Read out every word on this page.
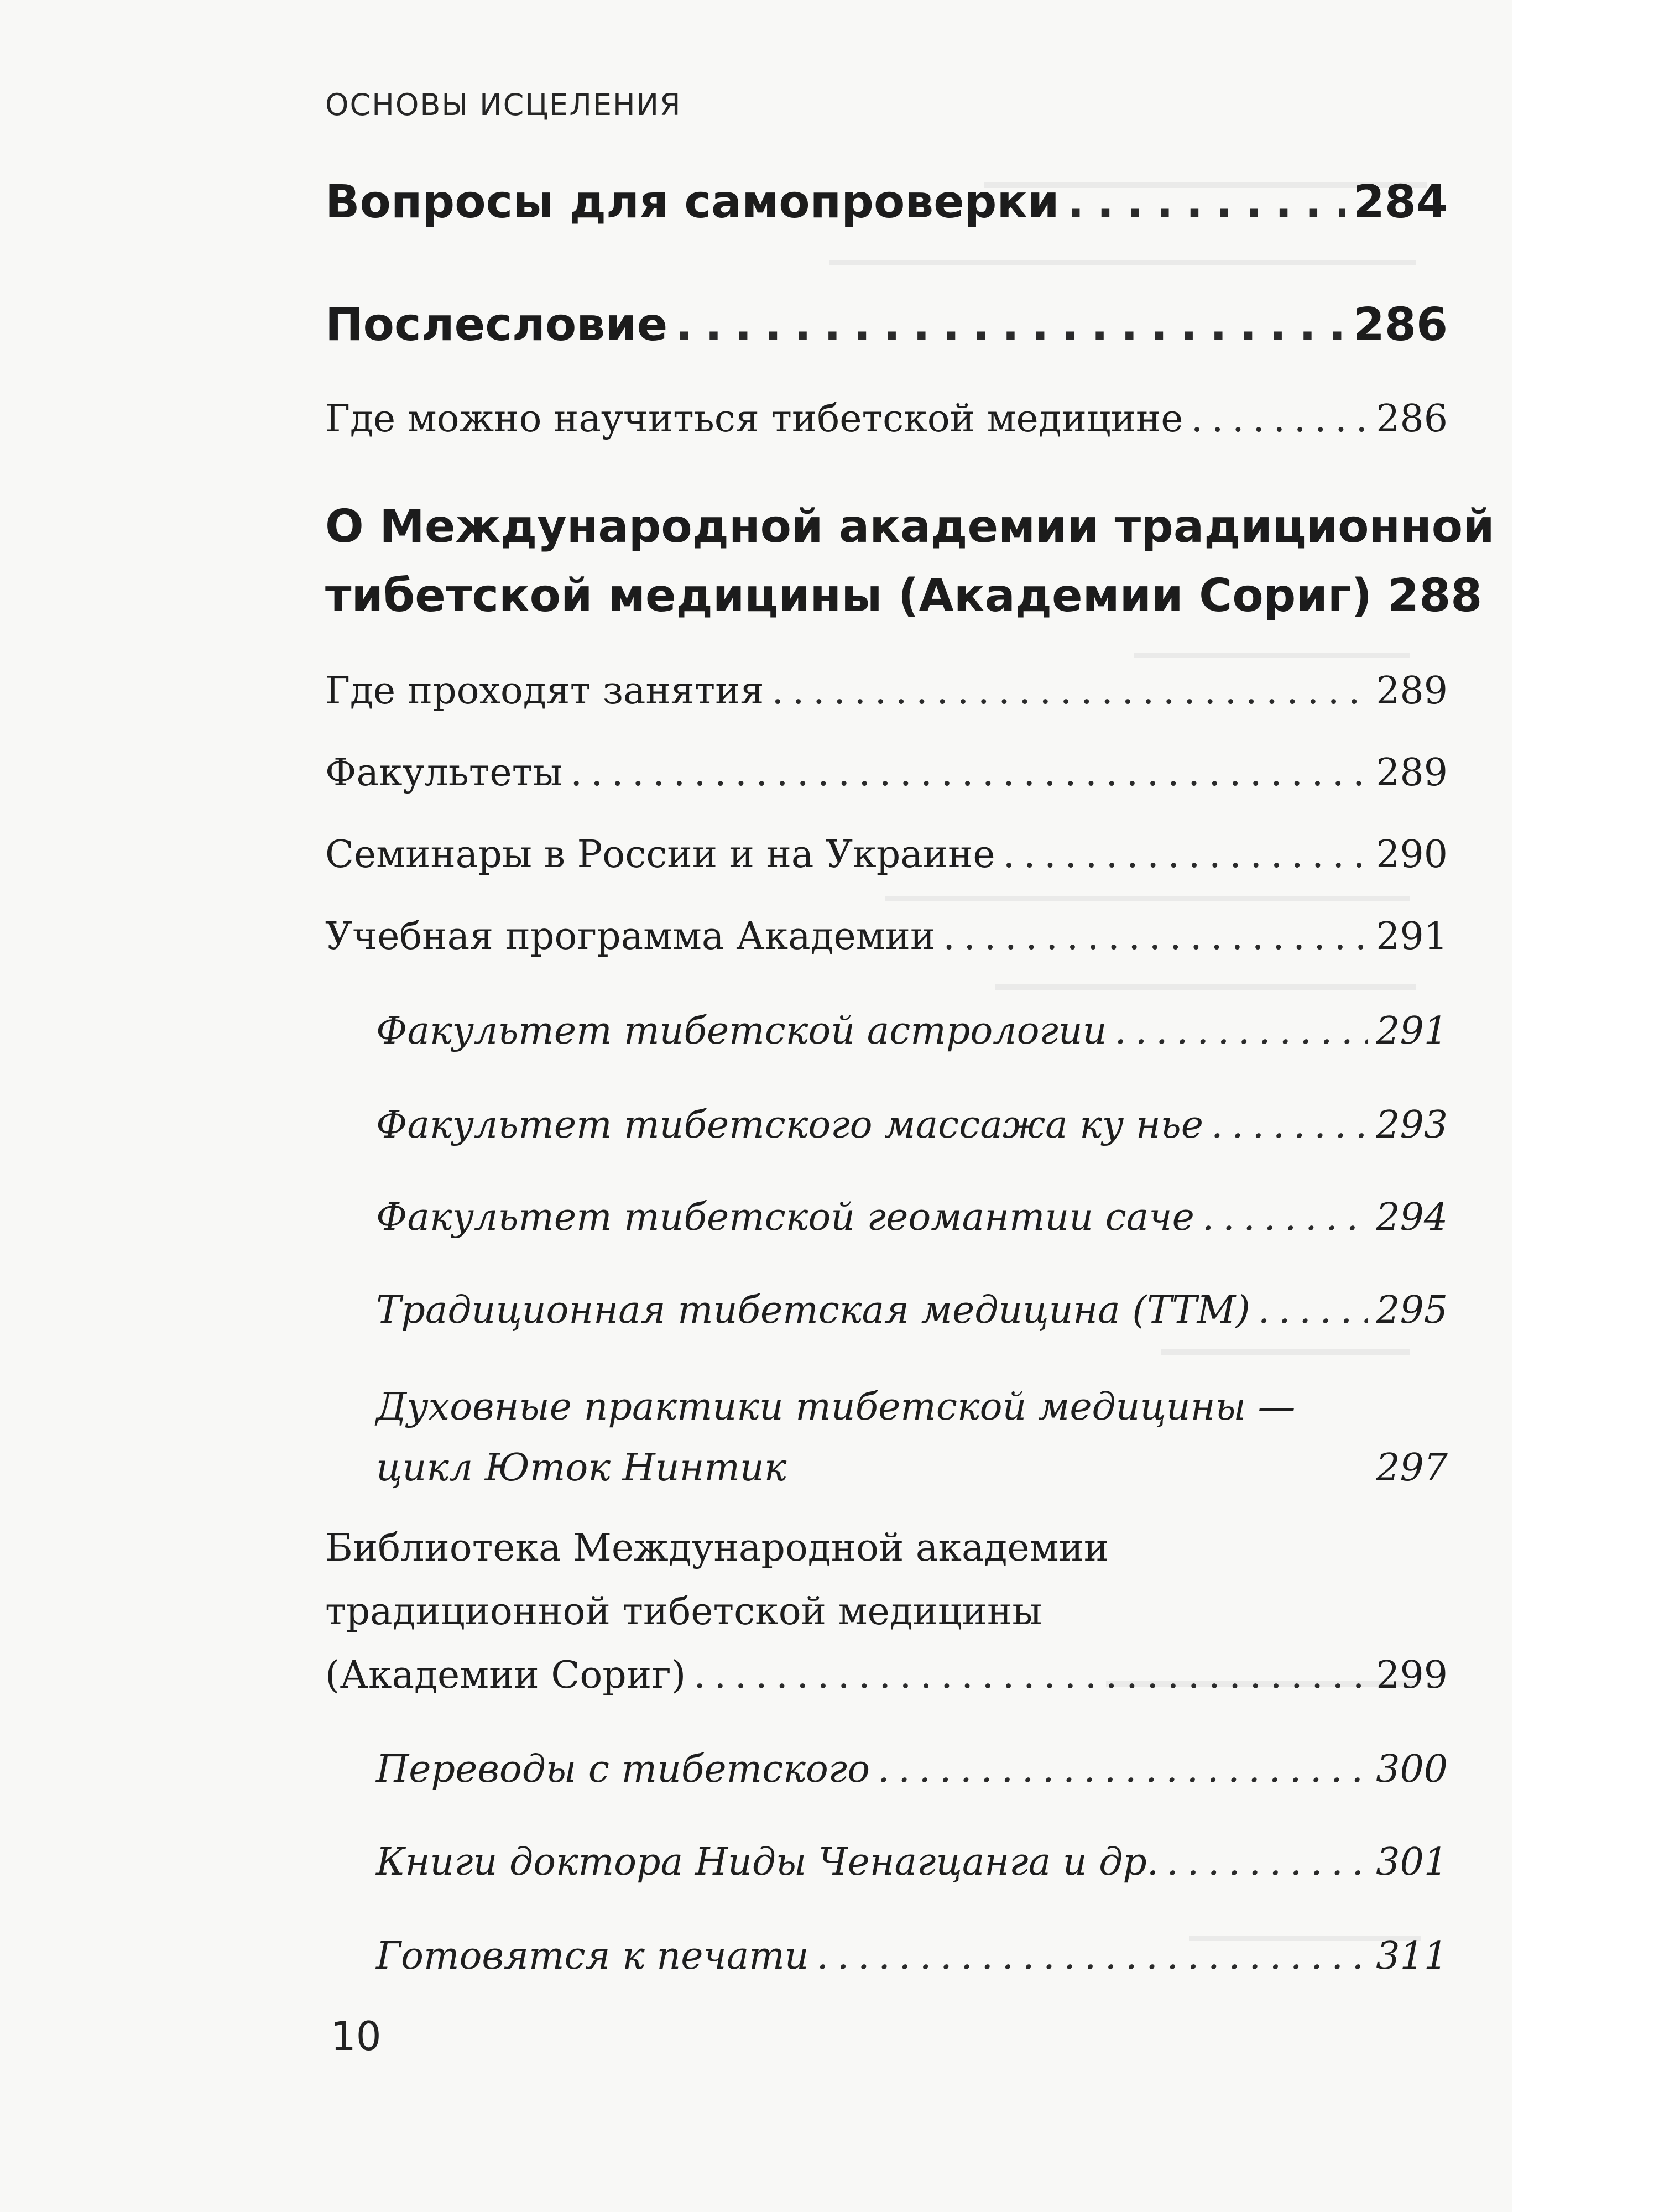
ОСНОВЫ ИСЦЕЛЕНИЯ
Вопросы для самопроверки . . .	284
Послесловие . . .	286
Где можно научиться тибетской медицине . . .	286
О Международной академии традиционной
тибетской медицины (Академии Сориг) 288
Где проходят занятия . . .	289
Факультеты . . .	289
Семинары в России и на Украине . . .	290
Учебная программа Академии . . .	291
Факультет тибетской астрологии . . .	291
Факультет тибетского массажа ку нье . . .	293
Факультет тибетской геомантии саче . . .	294
Традиционная тибетская медицина (ТТМ) . . .	295
Духовные практики тибетской медицины —
цикл Юток Нинтик	297
Библиотека Международной академии
традиционной тибетской медицины
(Академии Сориг) . . .	299
Переводы с тибетского . . .	300
Книги доктора Ниды Ченагцанга и др. . . .	301
Готовятся к печати . . .	311
10
